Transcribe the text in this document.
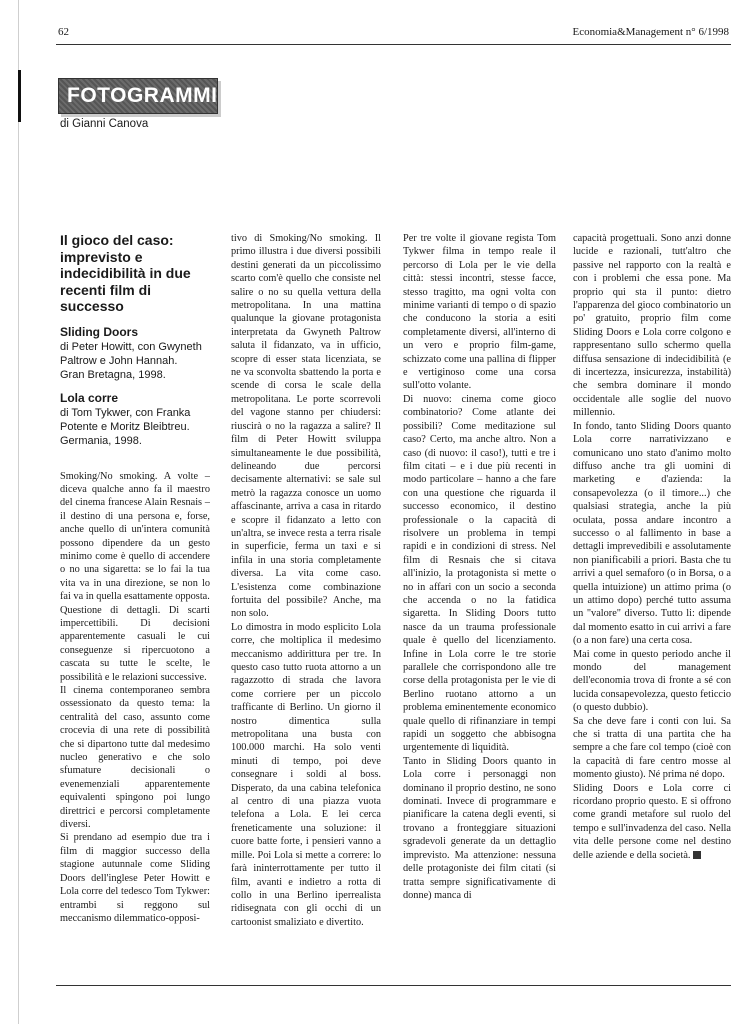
62	Economia&Management n° 6/1998
FOTOGRAMMI
di Gianni Canova
Il gioco del caso: imprevisto e indecidibilità in due recenti film di successo
Sliding Doors
di Peter Howitt, con Gwyneth
Paltrow e John Hannah.
Gran Bretagna, 1998.
Lola corre
di Tom Tykwer, con Franka
Potente e Moritz Bleibtreu.
Germania, 1998.

Smoking/No smoking. A volte – diceva qualche anno fa il maestro del cinema francese Alain Resnais – il destino di una persona e, forse, anche quello di un'intera comunità possono dipendere da un gesto minimo come è quello di accendere o no una sigaretta: se lo fai la tua vita va in una direzione, se non lo fai va in quella esattamente opposta.

Questione di dettagli. Di scarti impercettibili. Di decisioni apparentemente casuali le cui conseguenze si ripercuotono a cascata su tutte le scelte, le possibilità e le relazioni successive.

Il cinema contemporaneo sembra ossessionato da questo tema: la centralità del caso, assunto come crocevia di una rete di possibilità che si dipartono tutte dal medesimo nucleo generativo e che solo sfumature decisionali o evenemenziali apparentemente equivalenti spingono poi lungo direttrici e percorsi completamente diversi.

Si prendano ad esempio due tra i film di maggior successo della stagione autunnale come Sliding Doors dell'inglese Peter Howitt e Lola corre del tedesco Tom Tykwer: entrambi si reggono sul meccanismo dilemmatico-opposi-

tivo di Smoking/No smoking. Il primo illustra i due diversi possibili destini generati da un piccolissimo scarto com'è quello che consiste nel salire o no su quella vettura della metropolitana. In una mattina qualunque la giovane protagonista interpretata da Gwyneth Paltrow saluta il fidanzato, va in ufficio, scopre di esser stata licenziata, se ne va sconvolta sbattendo la porta e scende di corsa le scale della metropolitana. Le porte scorrevoli del vagone stanno per chiudersi: riuscirà o no la ragazza a salire? Il film di Peter Howitt sviluppa simultaneamente le due possibilità, delineando due percorsi decisamente alternativi: se sale sul metrò la ragazza conosce un uomo affascinante, arriva a casa in ritardo e scopre il fidanzato a letto con un'altra, se invece resta a terra risale in superficie, ferma un taxi e si infila in una storia completamente diversa. La vita come caso. L'esistenza come combinazione fortuita del possibile? Anche, ma non solo.

Lo dimostra in modo esplicito Lola corre, che moltiplica il medesimo meccanismo addirittura per tre. In questo caso tutto ruota attorno a un ragazzotto di strada che lavora come corriere per un piccolo trafficante di Berlino. Un giorno il nostro dimentica sulla metropolitana una busta con 100.000 marchi. Ha solo venti minuti di tempo, poi deve consegnare i soldi al boss. Disperato, da una cabina telefonica al centro di una piazza vuota telefona a Lola. E lei cerca freneticamente una soluzione: il cuore batte forte, i pensieri vanno a mille. Poi Lola si mette a correre: lo farà ininterrottamente per tutto il film, avanti e indietro a rotta di collo in una Berlino iperrealista ridisegnata con gli occhi di un cartoonist smaliziato e divertito.

Per tre volte il giovane regista Tom Tykwer filma in tempo reale il percorso di Lola per le vie della città: stessi incontri, stesse facce, stesso tragitto, ma ogni volta con minime varianti di tempo o di spazio che conducono la storia a esiti completamente diversi, all'interno di un vero e proprio film-game, schizzato come una pallina di flipper e vertiginoso come una corsa sull'otto volante.

Di nuovo: cinema come gioco combinatorio? Come atlante dei possibili? Come meditazione sul caso? Certo, ma anche altro. Non a caso (di nuovo: il caso!), tutti e tre i film citati – e i due più recenti in modo particolare – hanno a che fare con una questione che riguarda il successo economico, il destino professionale o la capacità di risolvere un problema in tempi rapidi e in condizioni di stress. Nel film di Resnais che si citava all'inizio, la protagonista si mette o no in affari con un socio a seconda che accenda o no la fatidica sigaretta. In Sliding Doors tutto nasce da un trauma professionale quale è quello del licenziamento. Infine in Lola corre le tre storie parallele che corrispondono alle tre corse della protagonista per le vie di Berlino ruotano attorno a un problema eminentemente economico quale quello di rifinanziare in tempi rapidi un soggetto che abbisogna urgentemente di liquidità.

Tanto in Sliding Doors quanto in Lola corre i personaggi non dominano il proprio destino, ne sono dominati. Invece di programmare e pianificare la catena degli eventi, si trovano a fronteggiare situazioni sgradevoli generate da un dettaglio imprevisto. Ma attenzione: nessuna delle protagoniste dei film citati (si tratta sempre significativamente di donne) manca di

capacità progettuali. Sono anzi donne lucide e razionali, tutt'altro che passive nel rapporto con la realtà e con i problemi che essa pone. Ma proprio qui sta il punto: dietro l'apparenza del gioco combinatorio un po' gratuito, proprio film come Sliding Doors e Lola corre colgono e rappresentano sullo schermo quella diffusa sensazione di indecidibilità (e di incertezza, insicurezza, instabilità) che sembra dominare il mondo occidentale alle soglie del nuovo millennio.

In fondo, tanto Sliding Doors quanto Lola corre narrativizzano e comunicano uno stato d'animo molto diffuso anche tra gli uomini di marketing e d'azienda: la consapevolezza (o il timore...) che qualsiasi strategia, anche la più oculata, possa andare incontro a successo o al fallimento in base a dettagli imprevedibili e assolutamente non pianificabili a priori. Basta che tu arrivi a quel semaforo (o in Borsa, o a quella intuizione) un attimo prima (o un attimo dopo) perché tutto assuma un "valore" diverso. Tutto li: dipende dal momento esatto in cui arrivi a fare (o a non fare) una certa cosa.

Mai come in questo periodo anche il mondo del management dell'economia trova di fronte a sé con lucida consapevolezza, questo feticcio (o questo dubbio).

Sa che deve fare i conti con lui. Sa che si tratta di una partita che ha sempre a che fare col tempo (cioè con la capacità di fare centro mosse al momento giusto). Né prima né dopo.

Sliding Doors e Lola corre ci ricordano proprio questo. E si offrono come grandi metafore sul ruolo del tempo e sull'invadenza del caso. Nella vita delle persone come nel destino delle aziende e della società.
